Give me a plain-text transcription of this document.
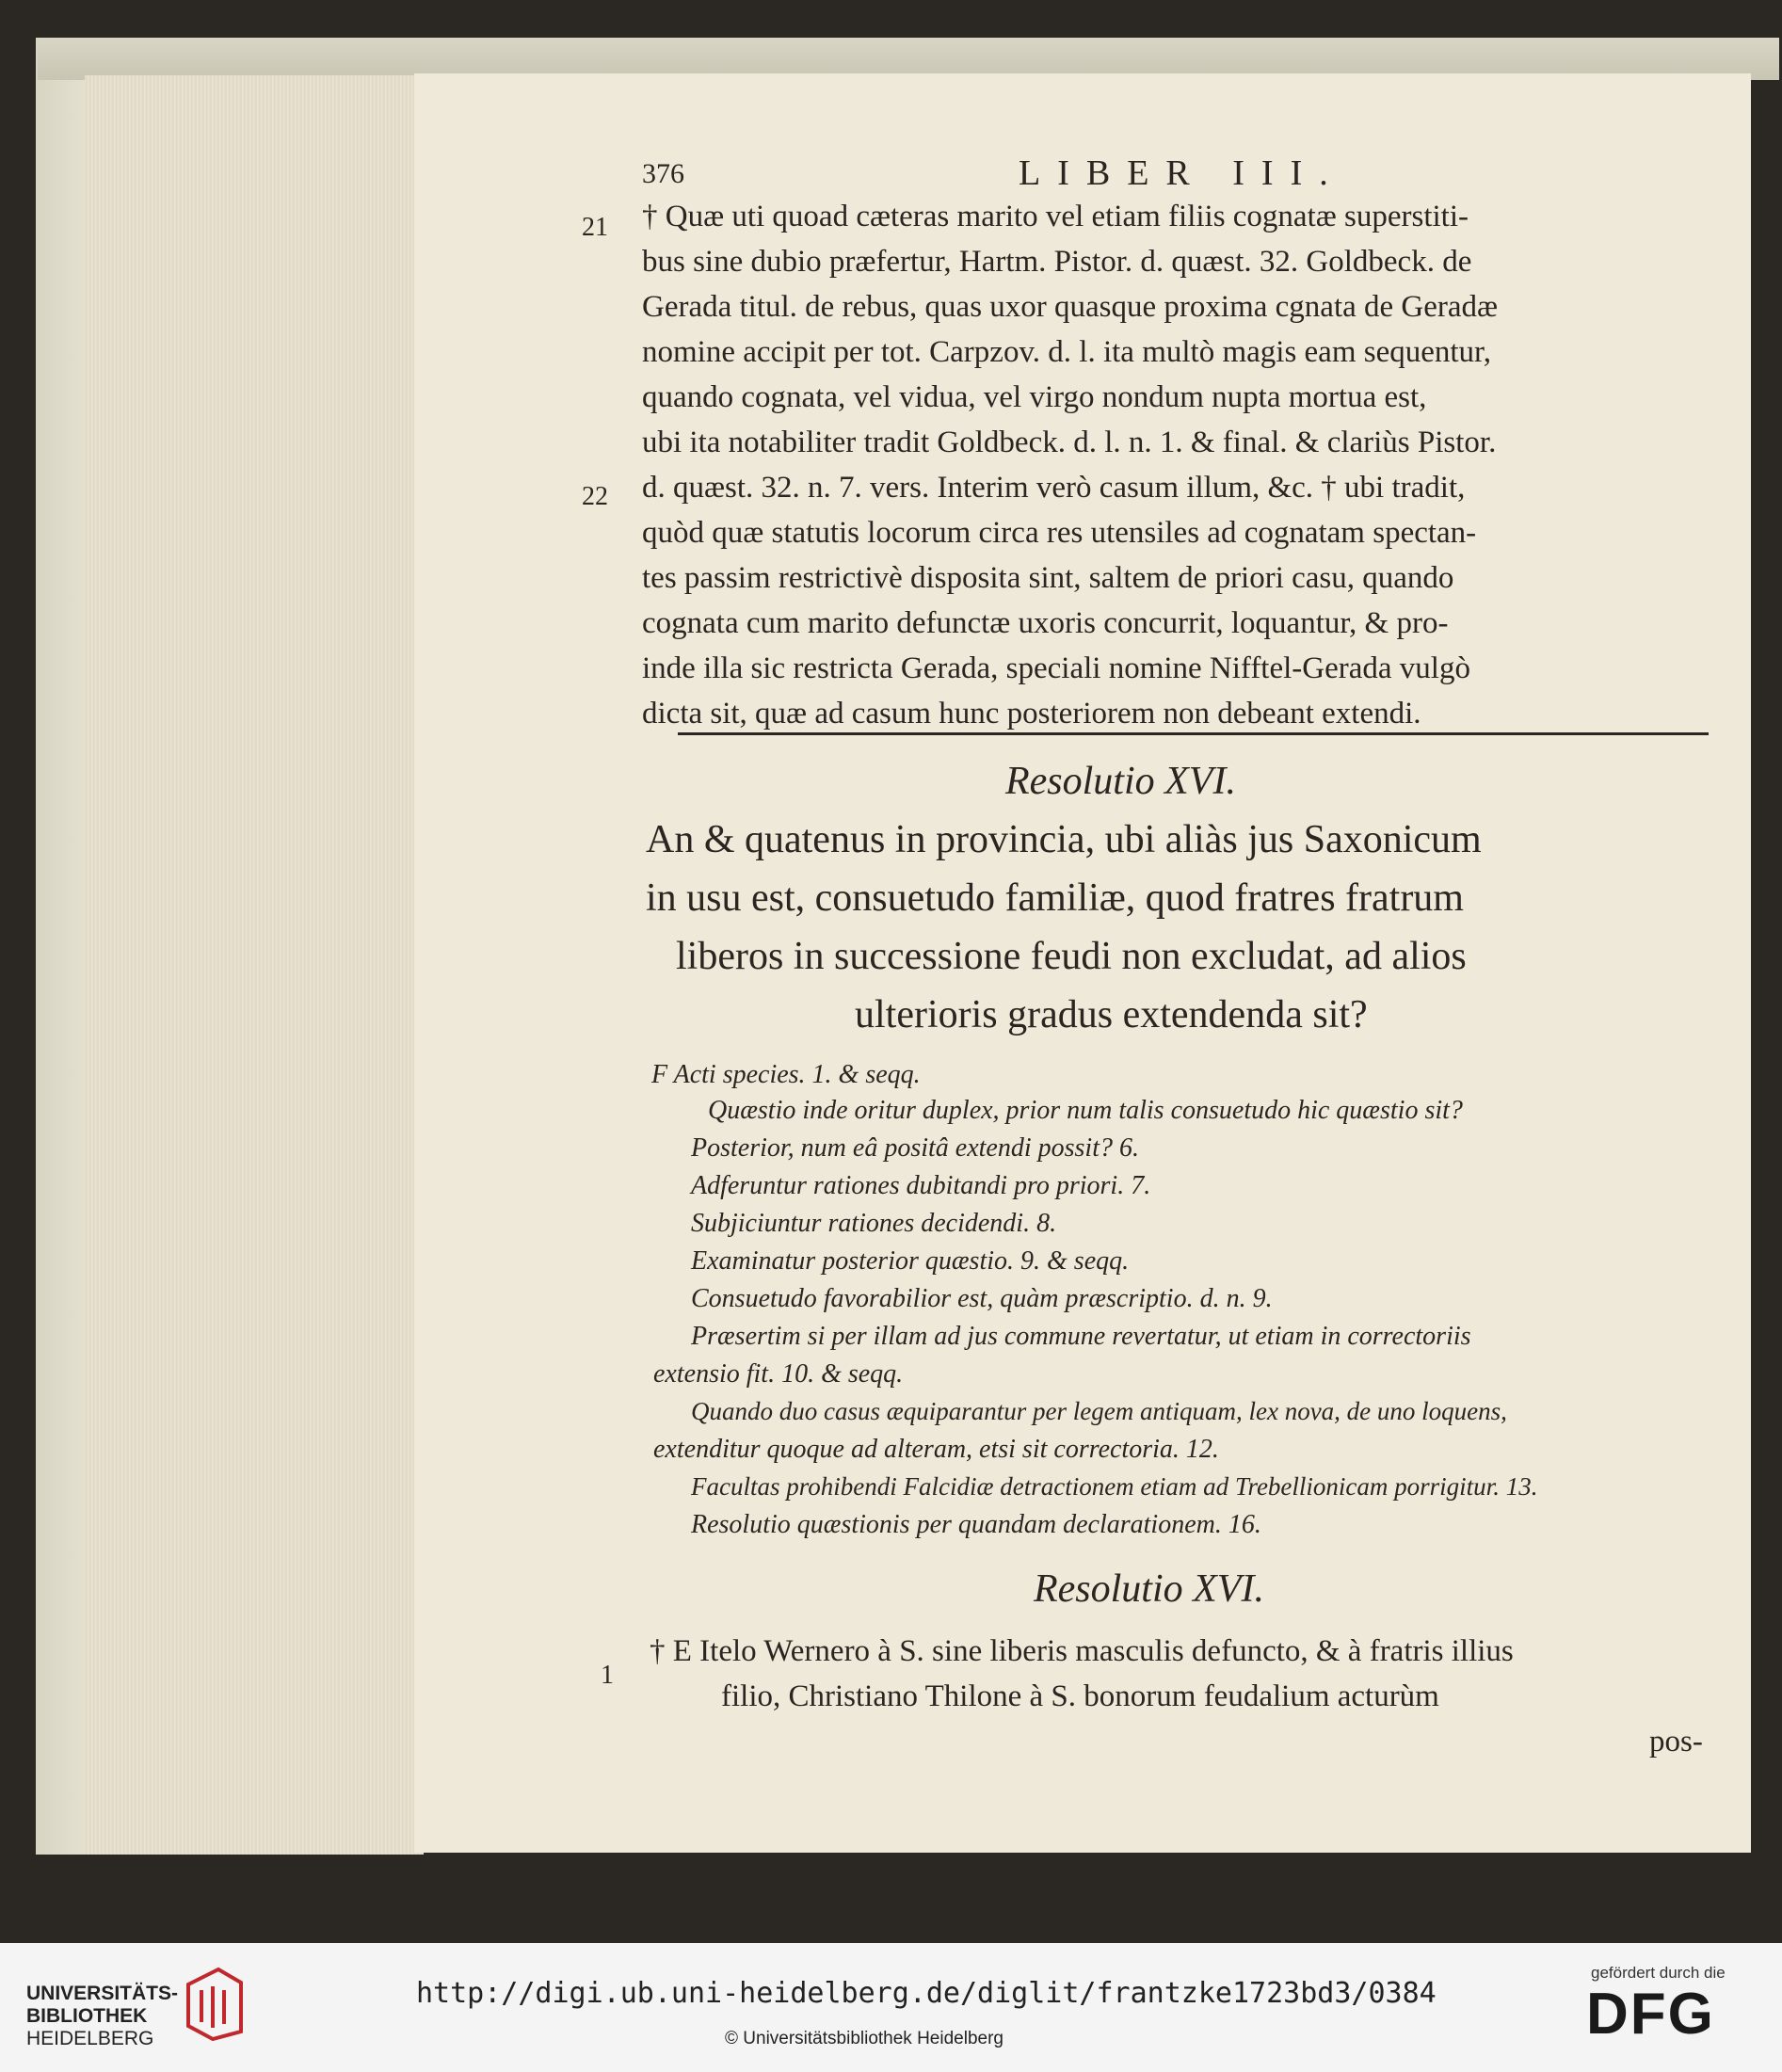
376	LIBER III.
21
22
1
† Quæ uti quoad cæteras marito vel etiam filiis cognatæ superstiti-
bus sine dubio præfertur, Hartm. Pistor. d. quæst. 32. Goldbeck. de
Gerada titul. de rebus, quas uxor quasque proxima cgnata de Geradæ
nomine accipit per tot. Carpzov. d. l. ita multò magis eam sequentur,
quando cognata, vel vidua, vel virgo nondum nupta mortua est,
ubi ita notabiliter tradit Goldbeck. d. l. n. 1. & final. & clariùs Pistor.
d. quæst. 32. n. 7. vers. Interim verò casum illum, &c. † ubi tradit,
quòd quæ statutis locorum circa res utensiles ad cognatam spectan-
tes passim restrictivè disposita sint, saltem de priori casu, quando
cognata cum marito defunctæ uxoris concurrit, loquantur, & pro-
inde illa sic restricta Gerada, speciali nomine Nifftel-Gerada vulgò
dicta sit, quæ ad casum hunc posteriorem non debeant extendi.
Resolutio XVI.
An & quatenus in provincia, ubi aliàs jus Saxonicum
in usu est, consuetudo familiæ, quod fratres fratrum
liberos in successione feudi non excludat, ad alios
ulterioris gradus extendenda sit?
F Acti species. 1. & seqq.
Quæstio inde oritur duplex, prior num talis consuetudo hic quæstio sit?
Posterior, num eâ positâ extendi possit? 6.
Adferuntur rationes dubitandi pro priori. 7.
Subjiciuntur rationes decidendi. 8.
Examinatur posterior quæstio. 9. & seqq.
Consuetudo favorabilior est, quàm præscriptio. d. n. 9.
Præsertim si per illam ad jus commune revertatur, ut etiam in correctoriis
extensio fit. 10. & seqq.
Quando duo casus æquiparantur per legem antiquam, lex nova, de uno loquens,
extenditur quoque ad alteram, etsi sit correctoria. 12.
Facultas prohibendi Falcidiæ detractionem etiam ad Trebellionicam porrigitur. 13.
Resolutio quæstionis per quandam declarationem. 16.
Resolutio XVI.
† E Itelo Wernero à S. sine liberis masculis defuncto, & à fratris illius
filio, Christiano Thilone à S. bonorum feudalium acturùm
pos-
UNIVERSITÄTS-
BIBLIOTHEK
HEIDELBERG
http://digi.ub.uni-heidelberg.de/diglit/frantzke1723bd3/0384
© Universitätsbibliothek Heidelberg
gefördert durch die
DFG
